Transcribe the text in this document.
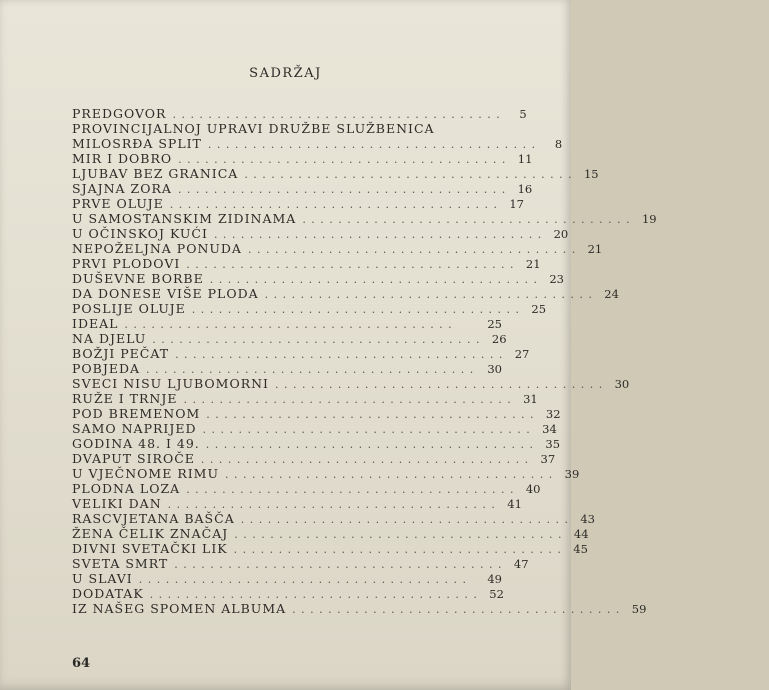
SADRŽAJ
PREDGOVOR . . . . . . . . . . . . . . . . . . . . . . . . . . . . . . . . . . . . .	5
PROVINCIJALNOJ UPRAVI DRUŽBE SLUŽBENICA
MILOSRĐA SPLIT . . . . . . . . . . . . . . . . . . . . . . . . . . . . . . . . . . . . .	8
MIR I DOBRO . . . . . . . . . . . . . . . . . . . . . . . . . . . . . . . . . . . . . 11
LJUBAV BEZ GRANICA . . . . . . . . . . . . . . . . . . . . . . . . . . . . . . . . . . . . . 15
SJAJNA ZORA . . . . . . . . . . . . . . . . . . . . . . . . . . . . . . . . . . . . . 16
PRVE OLUJE . . . . . . . . . . . . . . . . . . . . . . . . . . . . . . . . . . . . . 17
U SAMOSTANSKIM ZIDINAMA . . . . . . . . . . . . . . . . . . . . . . . . . . . . . . . . . . . . . 19
U OČINSKOJ KUĆI . . . . . . . . . . . . . . . . . . . . . . . . . . . . . . . . . . . . . 20
NEPOŽELJNA PONUDA . . . . . . . . . . . . . . . . . . . . . . . . . . . . . . . . . . . . . 21
PRVI PLODOVI . . . . . . . . . . . . . . . . . . . . . . . . . . . . . . . . . . . . . 21
DUŠEVNE BORBE . . . . . . . . . . . . . . . . . . . . . . . . . . . . . . . . . . . . . 23
DA DONESE VIŠE PLODA . . . . . . . . . . . . . . . . . . . . . . . . . . . . . . . . . . . . . 24
POSLIJE OLUJE . . . . . . . . . . . . . . . . . . . . . . . . . . . . . . . . . . . . . 25
IDEAL . . . . . . . . . . . . . . . . . . . . . . . . . . . . . . . . . . . . .	25
NA DJELU . . . . . . . . . . . . . . . . . . . . . . . . . . . . . . . . . . . . . 26
BOŽJI PEČAT . . . . . . . . . . . . . . . . . . . . . . . . . . . . . . . . . . . . . 27
POBJEDA . . . . . . . . . . . . . . . . . . . . . . . . . . . . . . . . . . . . .	30
SVECI NISU LJUBOMORNI . . . . . . . . . . . . . . . . . . . . . . . . . . . . . . . . . . . . . 30
RUŽE I TRNJE . . . . . . . . . . . . . . . . . . . . . . . . . . . . . . . . . . . . . 31
POD BREMENOM . . . . . . . . . . . . . . . . . . . . . . . . . . . . . . . . . . . . . 32
SAMO NAPRIJED . . . . . . . . . . . . . . . . . . . . . . . . . . . . . . . . . . . . . 34
GODINA 48. I 49. . . . . . . . . . . . . . . . . . . . . . . . . . . . . . . . . . . . . . 35
DVAPUT SIROČE . . . . . . . . . . . . . . . . . . . . . . . . . . . . . . . . . . . . . 37
U VJEČNOME RIMU . . . . . . . . . . . . . . . . . . . . . . . . . . . . . . . . . . . . . 39
PLODNA LOZA . . . . . . . . . . . . . . . . . . . . . . . . . . . . . . . . . . . . . 40
VELIKI DAN . . . . . . . . . . . . . . . . . . . . . . . . . . . . . . . . . . . . . 41
RASCVJETANA BAŠČA . . . . . . . . . . . . . . . . . . . . . . . . . . . . . . . . . . . . . 43
ŽENA ČELIK ZNAČAJ . . . . . . . . . . . . . . . . . . . . . . . . . . . . . . . . . . . . . 44
DIVNI SVETAČKI LIK . . . . . . . . . . . . . . . . . . . . . . . . . . . . . . . . . . . . . 45
SVETA SMRT . . . . . . . . . . . . . . . . . . . . . . . . . . . . . . . . . . . . . 47
U SLAVI . . . . . . . . . . . . . . . . . . . . . . . . . . . . . . . . . . . . .	49
DODATAK . . . . . . . . . . . . . . . . . . . . . . . . . . . . . . . . . . . . . 52
IZ NAŠEG SPOMEN ALBUMA . . . . . . . . . . . . . . . . . . . . . . . . . . . . . . . . . . . . . 59
64
